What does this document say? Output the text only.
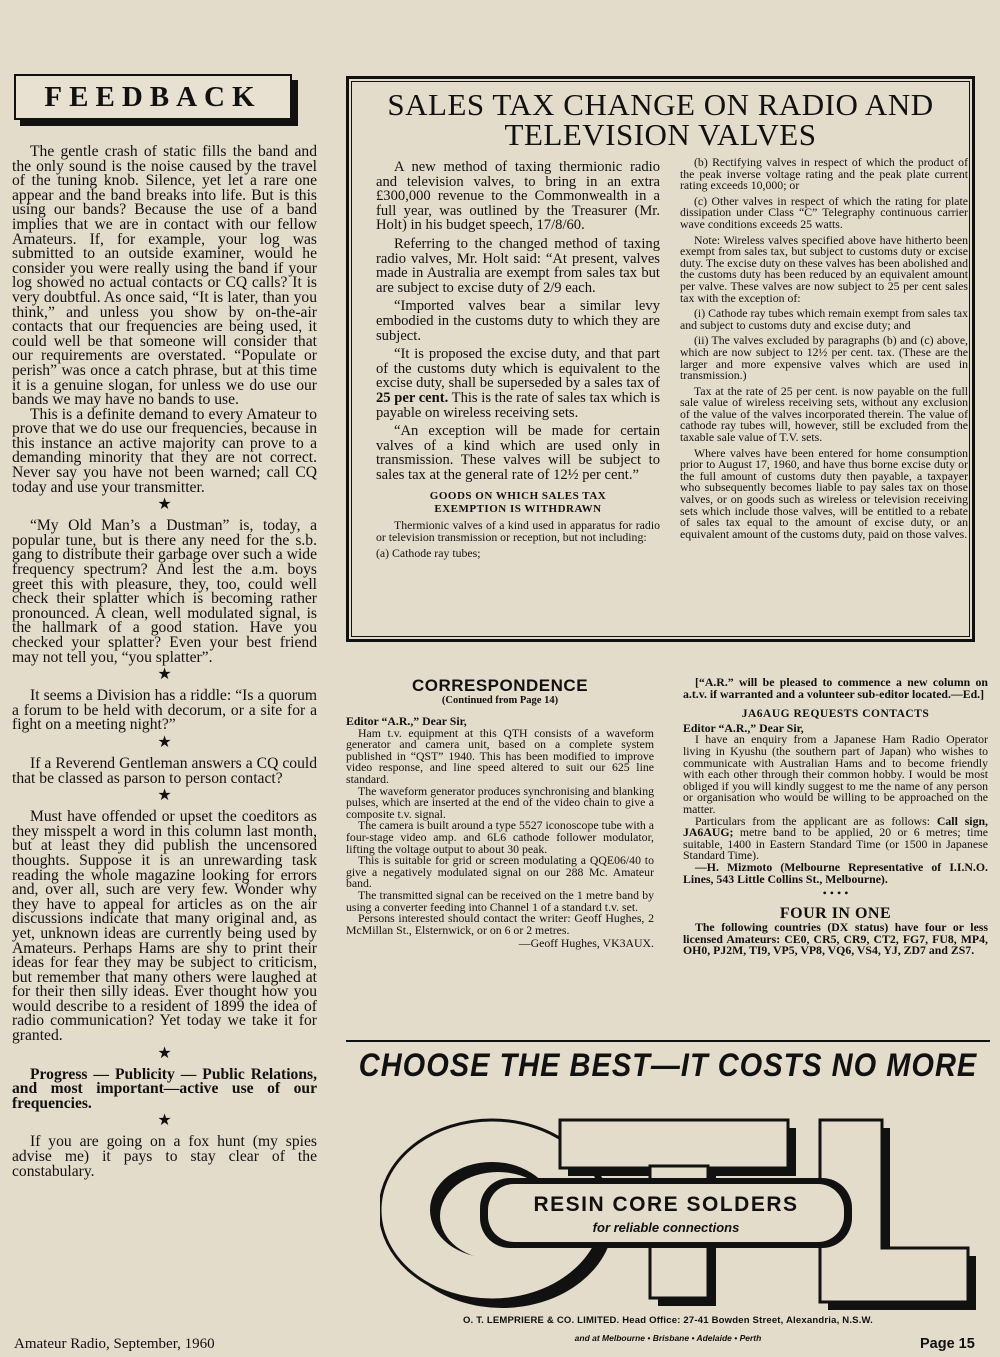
FEEDBACK

The gentle crash of static fills the band and the only sound is the noise caused by the travel of the tuning knob. Silence, yet let a rare one appear and the band breaks into life. But is this using our bands? Because the use of a band implies that we are in contact with our fellow Amateurs. If, for example, your log was submitted to an outside examiner, would he consider you were really using the band if your log showed no actual contacts or CQ calls? It is very doubtful. As once said, “It is later, than you think,” and unless you show by on-the-air contacts that our frequencies are being used, it could well be that someone will consider that our requirements are overstated. “Populate or perish” was once a catch phrase, but at this time it is a genuine slogan, for unless we do use our bands we may have no bands to use.

This is a definite demand to every Amateur to prove that we do use our frequencies, because in this instance an active majority can prove to a demanding minority that they are not correct. Never say you have not been warned; call CQ today and use your transmitter.

★

“My Old Man’s a Dustman” is, today, a popular tune, but is there any need for the s.b. gang to distribute their garbage over such a wide frequency spectrum? And lest the a.m. boys greet this with pleasure, they, too, could well check their splatter which is becoming rather pronounced. A clean, well modulated signal, is the hallmark of a good station. Have you checked your splatter? Even your best friend may not tell you, “you splatter”.

★

It seems a Division has a riddle: “Is a quorum a forum to be held with decorum, or a site for a fight on a meeting night?”

★

If a Reverend Gentleman answers a CQ could that be classed as parson to person contact?

★

Must have offended or upset the coeditors as they misspelt a word in this column last month, but at least they did publish the uncensored thoughts. Suppose it is an unrewarding task reading the whole magazine looking for errors and, over all, such are very few. Wonder why they have to appeal for articles as on the air discussions indicate that many original and, as yet, unknown ideas are currently being used by Amateurs. Perhaps Hams are shy to print their ideas for fear they may be subject to criticism, but remember that many others were laughed at for their then silly ideas. Ever thought how you would describe to a resident of 1899 the idea of radio communication? Yet today we take it for granted.

★

Progress — Publicity — Public Relations, and most important—active use of our frequencies.

★

If you are going on a fox hunt (my spies advise me) it pays to stay clear of the constabulary.

SALES TAX CHANGE ON RADIO AND
TELEVISION VALVES

A new method of taxing thermionic radio and television valves, to bring in an extra £300,000 revenue to the Commonwealth in a full year, was outlined by the Treasurer (Mr. Holt) in his budget speech, 17/8/60.

Referring to the changed method of taxing radio valves, Mr. Holt said: “At present, valves made in Australia are exempt from sales tax but are subject to excise duty of 2/9 each.

“Imported valves bear a similar levy embodied in the customs duty to which they are subject.

“It is proposed the excise duty, and that part of the customs duty which is equivalent to the excise duty, shall be superseded by a sales tax of 25 per cent. This is the rate of sales tax which is payable on wireless receiving sets.

“An exception will be made for certain valves of a kind which are used only in transmission. These valves will be subject to sales tax at the general rate of 12½ per cent.”

GOODS ON WHICH SALES TAX
EXEMPTION IS WITHDRAWN

Thermionic valves of a kind used in apparatus for radio or television transmission or reception, but not including:

(a) Cathode ray tubes;

(b) Rectifying valves in respect of which the product of the peak inverse voltage rating and the peak plate current rating exceeds 10,000; or

(c) Other valves in respect of which the rating for plate dissipation under Class “C” Telegraphy continuous carrier wave conditions exceeds 25 watts.

Note: Wireless valves specified above have hitherto been exempt from sales tax, but subject to customs duty or excise duty. The excise duty on these valves has been abolished and the customs duty has been reduced by an equivalent amount per valve. These valves are now subject to 25 per cent sales tax with the exception of:

(i) Cathode ray tubes which remain exempt from sales tax and subject to customs duty and excise duty; and

(ii) The valves excluded by paragraphs (b) and (c) above, which are now subject to 12½ per cent. tax. (These are the larger and more expensive valves which are used in transmission.)

Tax at the rate of 25 per cent. is now payable on the full sale value of wireless receiving sets, without any exclusion of the value of the valves incorporated therein. The value of cathode ray tubes will, however, still be excluded from the taxable sale value of T.V. sets.

Where valves have been entered for home consumption prior to August 17, 1960, and have thus borne excise duty or the full amount of customs duty then payable, a taxpayer who subsequently becomes liable to pay sales tax on those valves, or on goods such as wireless or television receiving sets which include those valves, will be entitled to a rebate of sales tax equal to the amount of excise duty, or an equivalent amount of the customs duty, paid on those valves.

CORRESPONDENCE
(Continued from Page 14)

Editor “A.R.,” Dear Sir,

Ham t.v. equipment at this QTH consists of a waveform generator and camera unit, based on a complete system published in “QST” 1940. This has been modified to improve video response, and line speed altered to suit our 625 line standard.

The waveform generator produces synchronising and blanking pulses, which are inserted at the end of the video chain to give a composite t.v. signal.

The camera is built around a type 5527 iconoscope tube with a four-stage video amp. and 6L6 cathode follower modulator, lifting the voltage output to about 30 peak.

This is suitable for grid or screen modulating a QQE06/40 to give a negatively modulated signal on our 288 Mc. Amateur band.

The transmitted signal can be received on the 1 metre band by using a converter feeding into Channel 1 of a standard t.v. set.

Persons interested should contact the writer: Geoff Hughes, 2 McMillan St., Elsternwick, or on 6 or 2 metres.

—Geoff Hughes, VK3AUX.

[“A.R.” will be pleased to commence a new column on a.t.v. if warranted and a volunteer sub-editor located.—Ed.]

JA6AUG REQUESTS CONTACTS

Editor “A.R.,” Dear Sir,

I have an enquiry from a Japanese Ham Radio Operator living in Kyushu (the southern part of Japan) who wishes to communicate with Australian Hams and to become friendly with each other through their common hobby. I would be most obliged if you will kindly suggest to me the name of any person or organisation who would be willing to be approached on the matter.

Particulars from the applicant are as follows: Call sign, JA6AUG; metre band to be applied, 20 or 6 metres; time suitable, 1400 in Eastern Standard Time (or 1500 in Japanese Standard Time).

—H. Mizmoto (Melbourne Representative of I.I.N.O. Lines, 543 Little Collins St., Melbourne).

• • • •
FOUR IN ONE

The following countries (DX status) have four or less licensed Amateurs: CE0, CR5, CR9, CT2, FG7, FU8, MP4, OH0, PJ2M, TI9, VP5, VP8, VQ6, VS4, YJ, ZD7 and ZS7.

CHOOSE THE BEST—IT COSTS NO MORE
RESIN CORE SOLDERS
for reliable connections
O. T. LEMPRIERE & CO. LIMITED. Head Office: 27-41 Bowden Street, Alexandria, N.S.W.
and at Melbourne • Brisbane • Adelaide • Perth
Amateur Radio, September, 1960	Page 15
